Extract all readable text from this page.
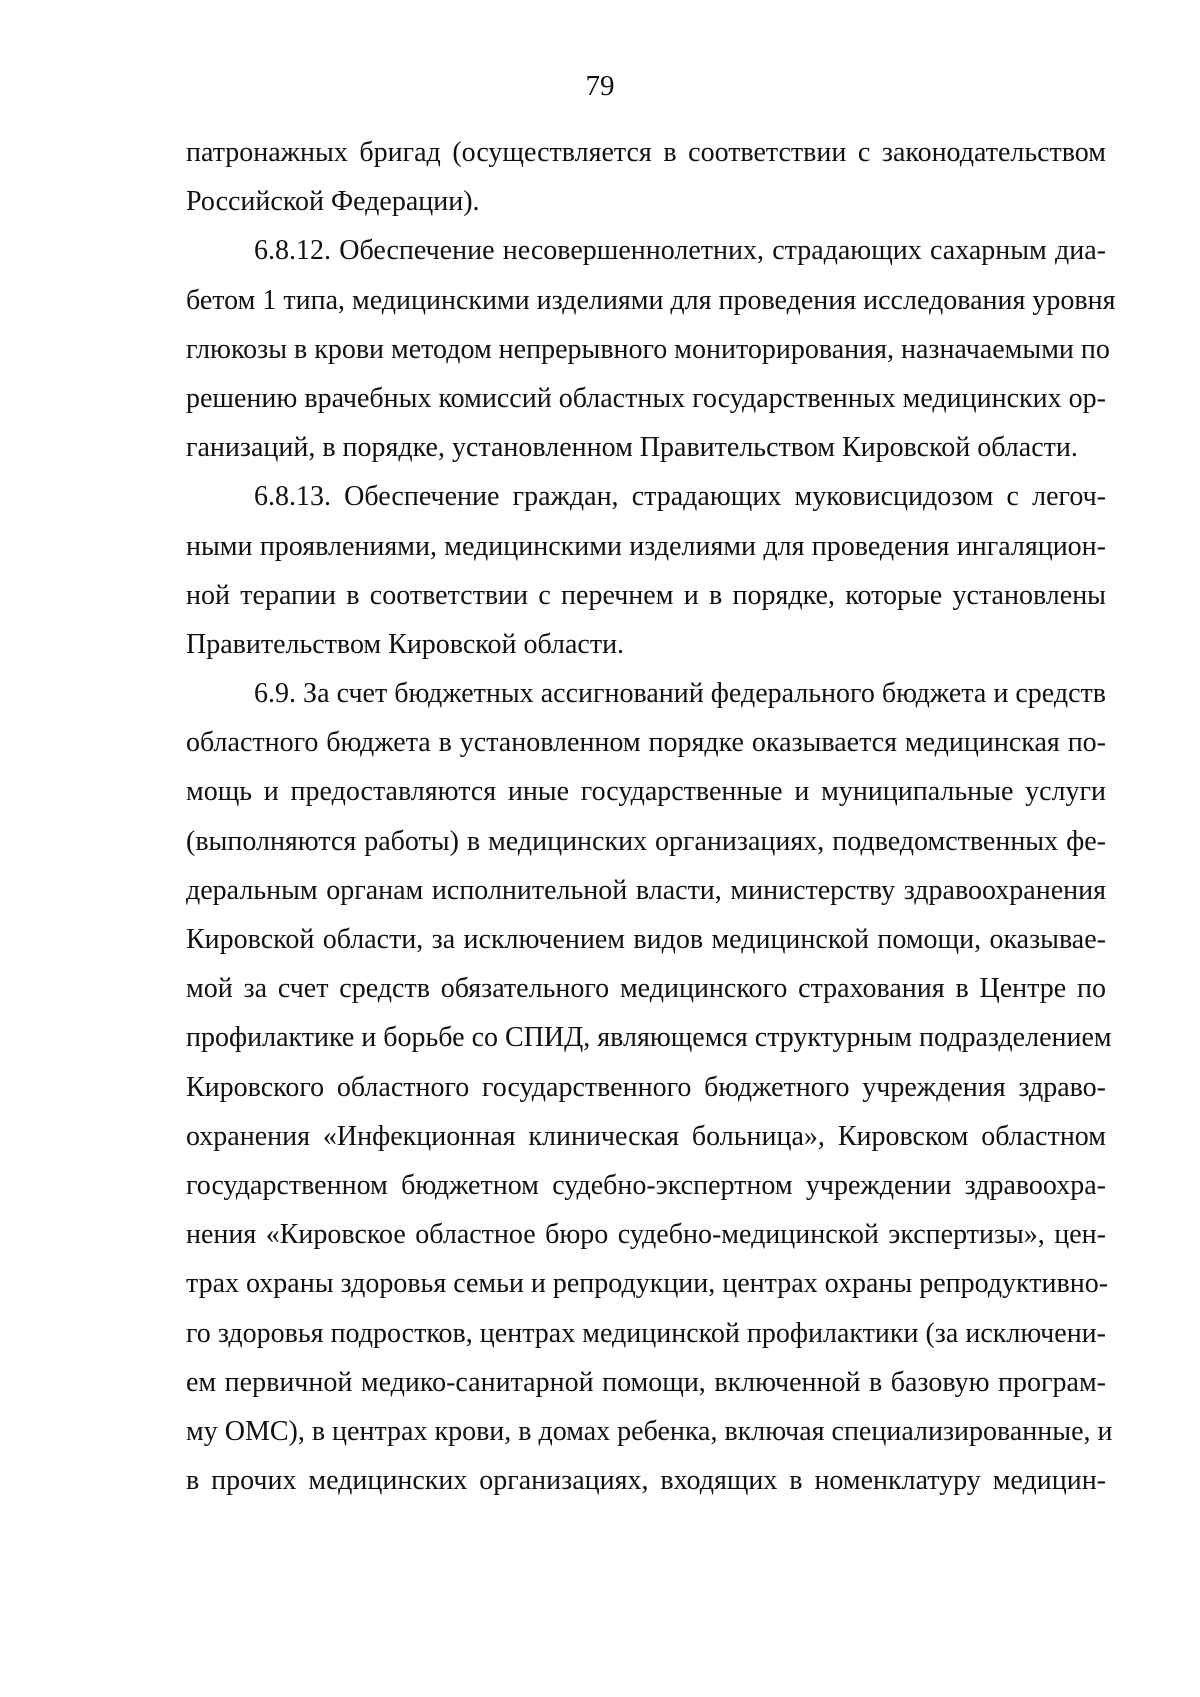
79
патронажных бригад (осуществляется в соответствии с законодательством
Российской Федерации).
6.8.12. Обеспечение несовершеннолетних, страдающих сахарным диа-
бетом 1 типа, медицинскими изделиями для проведения исследования уровня
глюкозы в крови методом непрерывного мониторирования, назначаемыми по
решению врачебных комиссий областных государственных медицинских ор-
ганизаций, в порядке, установленном Правительством Кировской области.
6.8.13. Обеспечение граждан, страдающих муковисцидозом с легоч-
ными проявлениями, медицинскими изделиями для проведения ингаляцион-
ной терапии в соответствии с перечнем и в порядке, которые установлены
Правительством Кировской области.
6.9. За счет бюджетных ассигнований федерального бюджета и средств
областного бюджета в установленном порядке оказывается медицинская по-
мощь и предоставляются иные государственные и муниципальные услуги
(выполняются работы) в медицинских организациях, подведомственных фе-
деральным органам исполнительной власти, министерству здравоохранения
Кировской области, за исключением видов медицинской помощи, оказывае-
мой за счет средств обязательного медицинского страхования в Центре по
профилактике и борьбе со СПИД, являющемся структурным подразделением
Кировского областного государственного бюджетного учреждения здраво-
охранения «Инфекционная клиническая больница», Кировском областном
государственном бюджетном судебно-экспертном учреждении здравоохра-
нения «Кировское областное бюро судебно-медицинской экспертизы», цен-
трах охраны здоровья семьи и репродукции, центрах охраны репродуктивно-
го здоровья подростков, центрах медицинской профилактики (за исключени-
ем первичной медико-санитарной помощи, включенной в базовую програм-
му ОМС), в центрах крови, в домах ребенка, включая специализированные, и
в прочих медицинских организациях, входящих в номенклатуру медицин-
